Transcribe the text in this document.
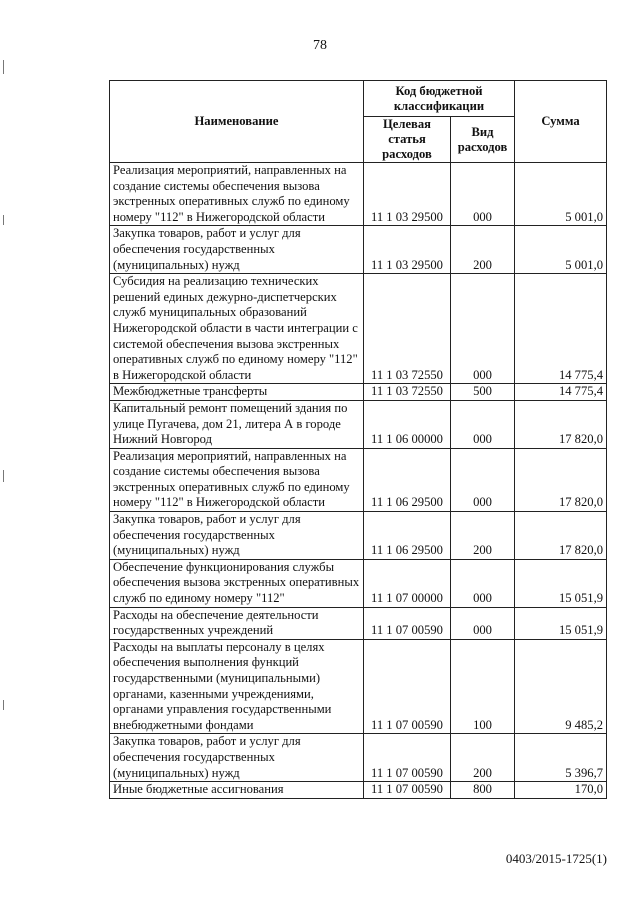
78
Наименование	Код бюджетной классификации		Сумма
	Целевая статья расходов	Вид расходов	
Реализация мероприятий, направленных на создание системы обеспечения вызова экстренных оперативных служб по единому номеру "112" в Нижегородской области	11 1 03 29500	000	5 001,0
Закупка товаров, работ и услуг для обеспечения государственных (муниципальных) нужд	11 1 03 29500	200	5 001,0
Субсидия на реализацию технических решений единых дежурно-диспетчерских служб муниципальных образований Нижегородской области в части интеграции с системой обеспечения вызова экстренных оперативных служб по единому номеру "112" в Нижегородской области	11 1 03 72550	000	14 775,4
Межбюджетные трансферты	11 1 03 72550	500	14 775,4
Капитальный ремонт помещений здания по улице Пугачева, дом 21, литера А в городе Нижний Новгород	11 1 06 00000	000	17 820,0
Реализация мероприятий, направленных на создание системы обеспечения вызова экстренных оперативных служб по единому номеру "112" в Нижегородской области	11 1 06 29500	000	17 820,0
Закупка товаров, работ и услуг для обеспечения государственных (муниципальных) нужд	11 1 06 29500	200	17 820,0
Обеспечение функционирования службы обеспечения вызова экстренных оперативных служб по единому номеру "112"	11 1 07 00000	000	15 051,9
Расходы на обеспечение деятельности государственных учреждений	11 1 07 00590	000	15 051,9
Расходы на выплаты персоналу в целях обеспечения выполнения функций государственными (муниципальными) органами, казенными учреждениями, органами управления государственными внебюджетными фондами	11 1 07 00590	100	9 485,2
Закупка товаров, работ и услуг для обеспечения государственных (муниципальных) нужд	11 1 07 00590	200	5 396,7
Иные бюджетные ассигнования	11 1 07 00590	800	170,0
0403/2015-1725(1)
